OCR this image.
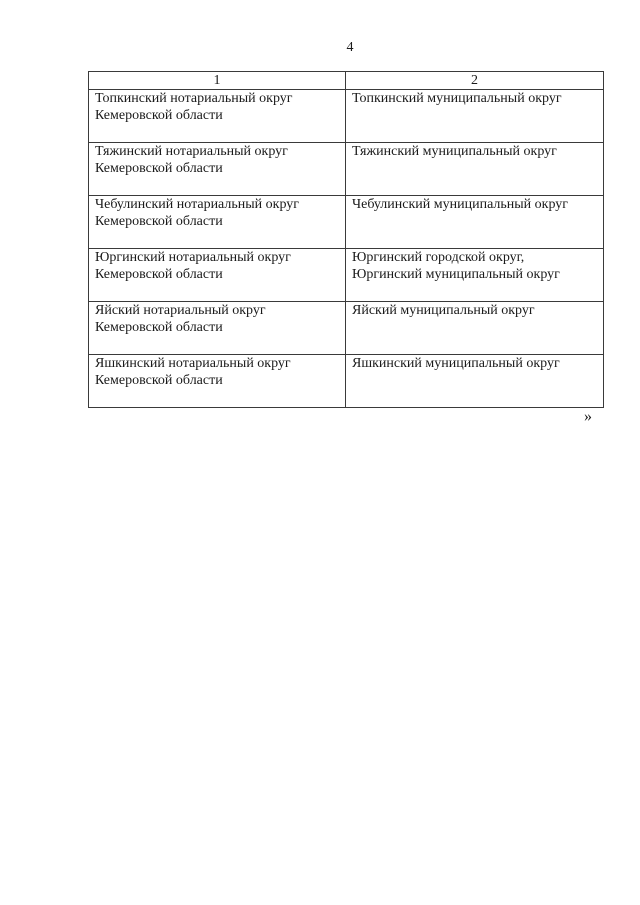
4
1	2

Топкинский нотариальный округ
Кемеровской области	Топкинский муниципальный округ

Тяжинский нотариальный округ
Кемеровской области	Тяжинский муниципальный округ

Чебулинский нотариальный округ
Кемеровской области	Чебулинский муниципальный округ

Юргинский нотариальный округ
Кемеровской области	Юргинский городской округ,
Юргинский муниципальный округ

Яйский нотариальный округ
Кемеровской области	Яйский муниципальный округ

Яшкинский нотариальный округ
Кемеровской области	Яшкинский муниципальный округ
»
